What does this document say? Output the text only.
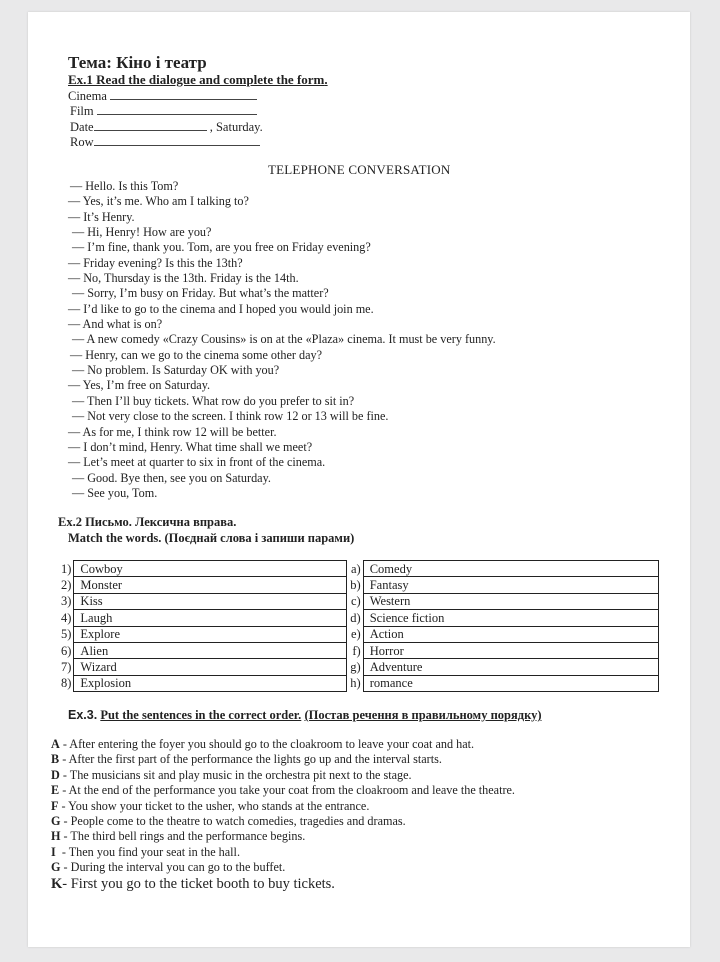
Тема: Кіно і театр
Ex.1 Read the dialogue and complete the form.
Cinema
Film
Date	, Saturday.
Row
TELEPHONE CONVERSATION
— Hello. Is this Tom?
— Yes, it’s me. Who am I talking to?
— It’s Henry.
— Hi, Henry! How are you?
— I’m fine, thank you. Tom, are you free on Friday evening?
— Friday evening? Is this the 13th?
— No, Thursday is the 13th. Friday is the 14th.
— Sorry, I’m busy on Friday. But what’s the matter?
— I’d like to go to the cinema and I hoped you would join me.
— And what is on?
— A new comedy «Crazy Cousins» is on at the «Plaza» cinema. It must be very funny.
— Henry, can we go to the cinema some other day?
— No problem. Is Saturday OK with you?
— Yes, I’m free on Saturday.
— Then I’ll buy tickets. What row do you prefer to sit in?
— Not very close to the screen. I think row 12 or 13 will be fine.
— As for me, I think row 12 will be better.
— I don’t mind, Henry. What time shall we meet?
— Let’s meet at quarter to six in front of the cinema.
— Good. Bye then, see you on Saturday.
— See you, Tom.
Ex.2 Письмо. Лексична вправа.
Match the words. (Поєднай слова і запиши парами)
1)	Cowboy	a)	Comedy
2)	Monster	b)	Fantasy
3)	Kiss	c)	Western
4)	Laugh	d)	Science fiction
5)	Explore	e)	Action
6)	Alien	f)	Horror
7)	Wizard	g)	Adventure
8)	Explosion	h)	romance
Ex.3. Put the sentences in the correct order. (Постав речення в правильному порядку)
A - After entering the foyer you should go to the cloakroom to leave your coat and hat.
B - After the first part of the performance the lights go up and the interval starts.
D - The musicians sit and play music in the orchestra pit next to the stage.
E - At the end of the performance you take your coat from the cloakroom and leave the theatre.
F - You show your ticket to the usher, who stands at the entrance.
G - People come to the theatre to watch comedies, tragedies and dramas.
H - The third bell rings and the performance begins.
I  - Then you find your seat in the hall.
G - During the interval you can go to the buffet.
K- First you go to the ticket booth to buy tickets.
